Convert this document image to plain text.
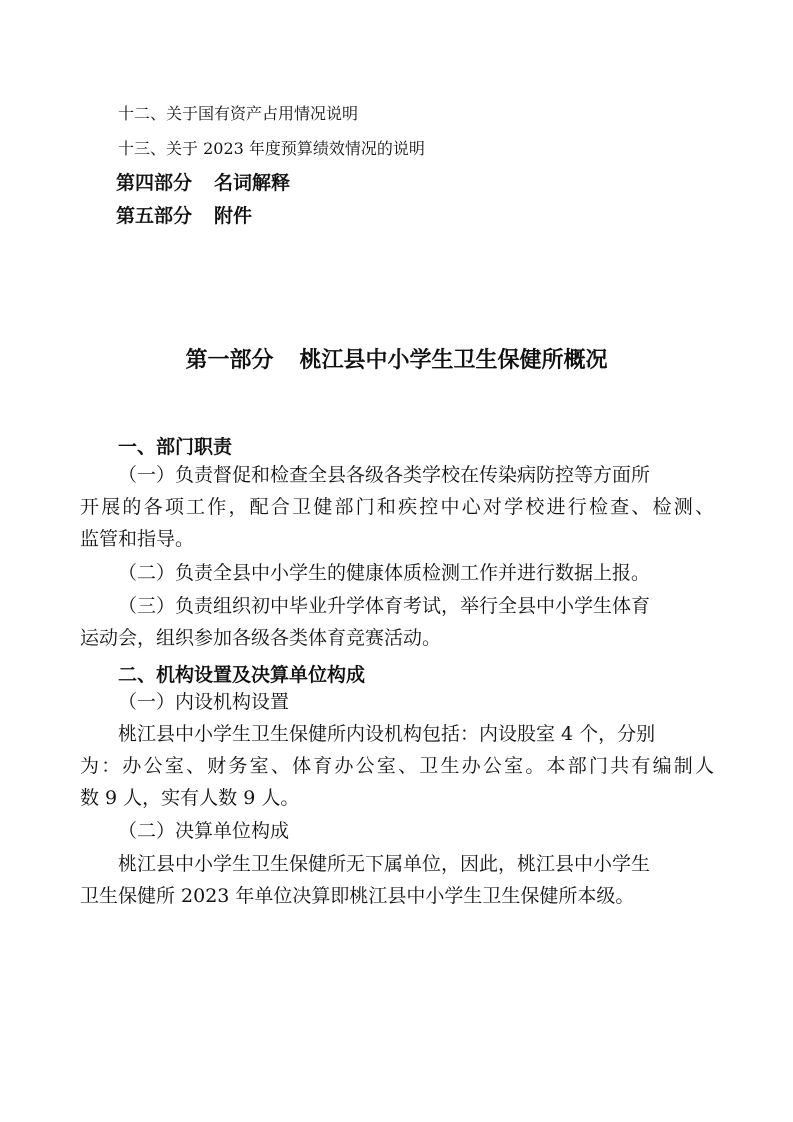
十二、关于国有资产占用情况说明
十三、关于 2023 年度预算绩效情况的说明
第四部分 名词解释
第五部分 附件
第一部分 桃江县中小学生卫生保健所概况
一、部门职责
（一）负责督促和检查全县各级各类学校在传染病防控等方面所
开展的各项工作，配合卫健部门和疾控中心对学校进行检查、检测、
监管和指导。
（二）负责全县中小学生的健康体质检测工作并进行数据上报。
（三）负责组织初中毕业升学体育考试，举行全县中小学生体育
运动会，组织参加各级各类体育竞赛活动。
二、机构设置及决算单位构成
（一）内设机构设置
桃江县中小学生卫生保健所内设机构包括：内设股室 4 个，分别
为：办公室、财务室、体育办公室、卫生办公室。本部门共有编制人
数 9 人，实有人数 9 人。
（二）决算单位构成
桃江县中小学生卫生保健所无下属单位，因此，桃江县中小学生
卫生保健所 2023 年单位决算即桃江县中小学生卫生保健所本级。
